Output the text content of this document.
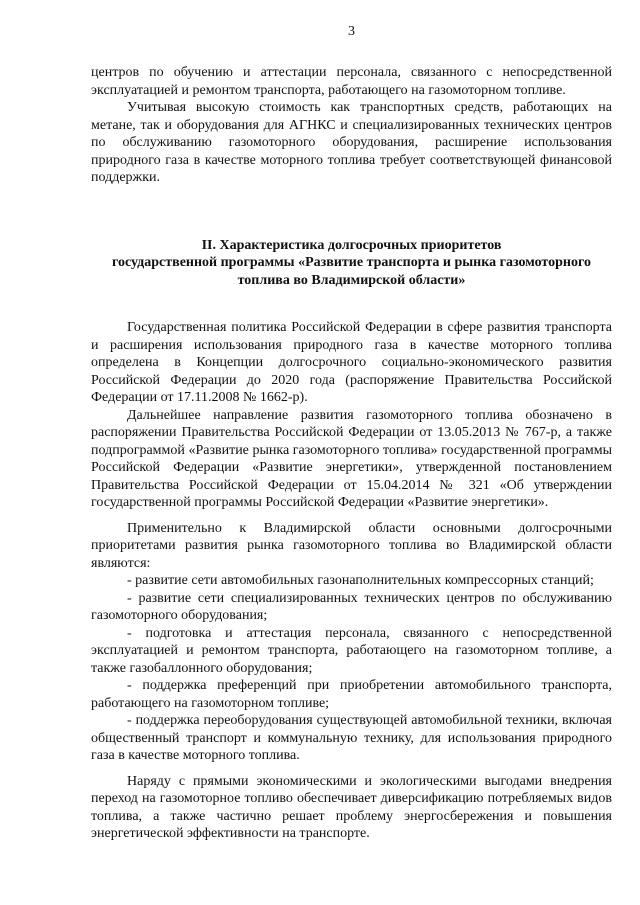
3

центров по обучению и аттестации персонала, связанного с непосредственной эксплуатацией и ремонтом транспорта, работающего на газомоторном топливе.

Учитывая высокую стоимость как транспортных средств, работающих на метане, так и оборудования для АГНКС и специализированных технических центров по обслуживанию газомоторного оборудования, расширение использования природного газа в качестве моторного топлива требует соответствующей финансовой поддержки.

II. Характеристика долгосрочных приоритетов
государственной программы «Развитие транспорта и рынка газомоторного
топлива во Владимирской области»

Государственная политика Российской Федерации в сфере развития транспорта и расширения использования природного газа в качестве моторного топлива определена в Концепции долгосрочного социально-экономического развития Российской Федерации до 2020 года (распоряжение Правительства Российской Федерации от 17.11.2008 № 1662-р).

Дальнейшее направление развития газомоторного топлива обозначено в распоряжении Правительства Российской Федерации от 13.05.2013 № 767-р, а также подпрограммой «Развитие рынка газомоторного топлива» государственной программы Российской Федерации «Развитие энергетики», утвержденной постановлением Правительства Российской Федерации от 15.04.2014 № 321 «Об утверждении государственной программы Российской Федерации «Развитие энергетики».

Применительно к Владимирской области основными долгосрочными приоритетами развития рынка газомоторного топлива во Владимирской области являются:

- развитие сети автомобильных газонаполнительных компрессорных станций;

- развитие сети специализированных технических центров по обслуживанию газомоторного оборудования;

- подготовка и аттестация персонала, связанного с непосредственной эксплуатацией и ремонтом транспорта, работающего на газомоторном топливе, а также газобаллонного оборудования;

- поддержка преференций при приобретении автомобильного транспорта, работающего на газомоторном топливе;

- поддержка переоборудования существующей автомобильной техники, включая общественный транспорт и коммунальную технику, для использования природного газа в качестве моторного топлива.

Наряду с прямыми экономическими и экологическими выгодами внедрения переход на газомоторное топливо обеспечивает диверсификацию потребляемых видов топлива, а также частично решает проблему энергосбережения и повышения энергетической эффективности на транспорте.
